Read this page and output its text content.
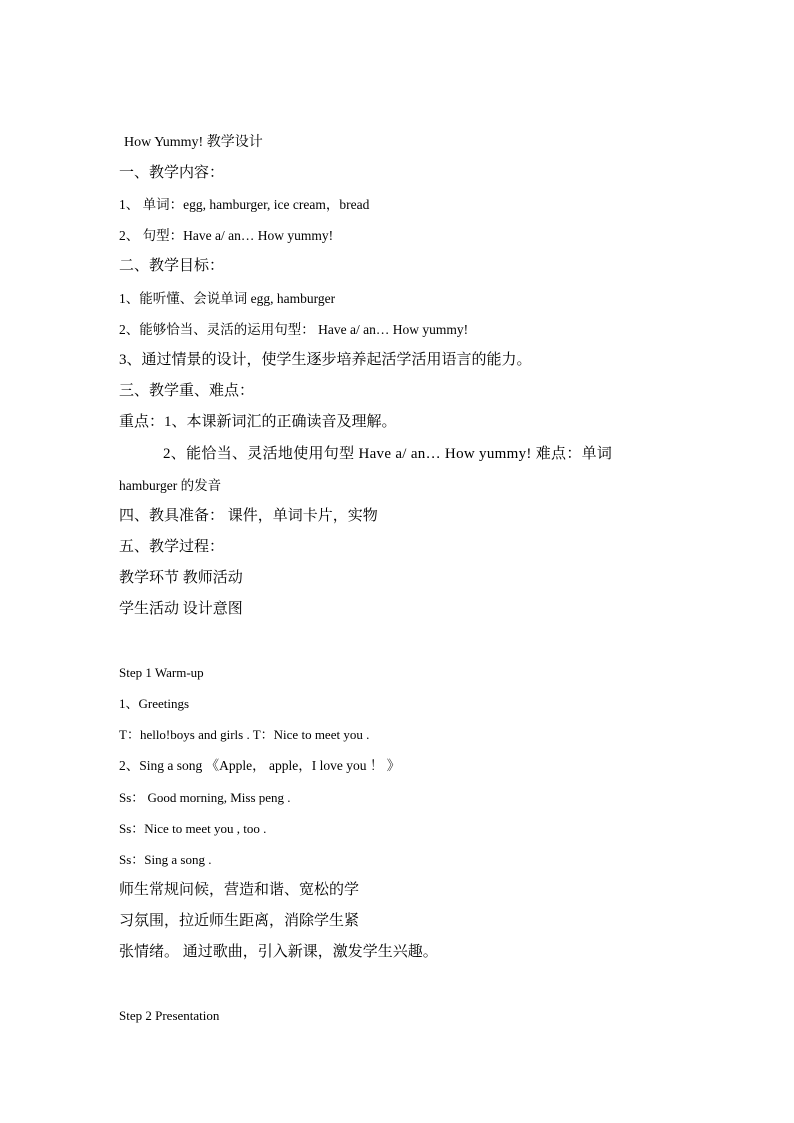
How Yummy! 教学设计
一、教学内容：
1、 单词：egg, hamburger, ice cream，bread
2、 句型：Have a/ an… How yummy!
二、教学目标：
1、能听懂、会说单词 egg, hamburger
2、能够恰当、灵活的运用句型： Have a/ an… How yummy!
3、通过情景的设计，使学生逐步培养起活学活用语言的能力。
三、教学重、难点：
重点：1、本课新词汇的正确读音及理解。
2、能恰当、灵活地使用句型 Have a/ an… How yummy! 难点：单词
hamburger 的发音
四、教具准备： 课件，单词卡片，实物
五、教学过程：
教学环节 教师活动
学生活动 设计意图
Step 1 Warm-up
1、Greetings
T：hello!boys and girls . T：Nice to meet you .
2、Sing a song 《Apple， apple，I love you ！ 》
Ss： Good morning, Miss peng .
Ss：Nice to meet you , too .
Ss：Sing a song .
师生常规问候，营造和谐、宽松的学
习氛围，拉近师生距离，消除学生紧
张情绪。 通过歌曲，引入新课，激发学生兴趣。
Step 2 Presentation
